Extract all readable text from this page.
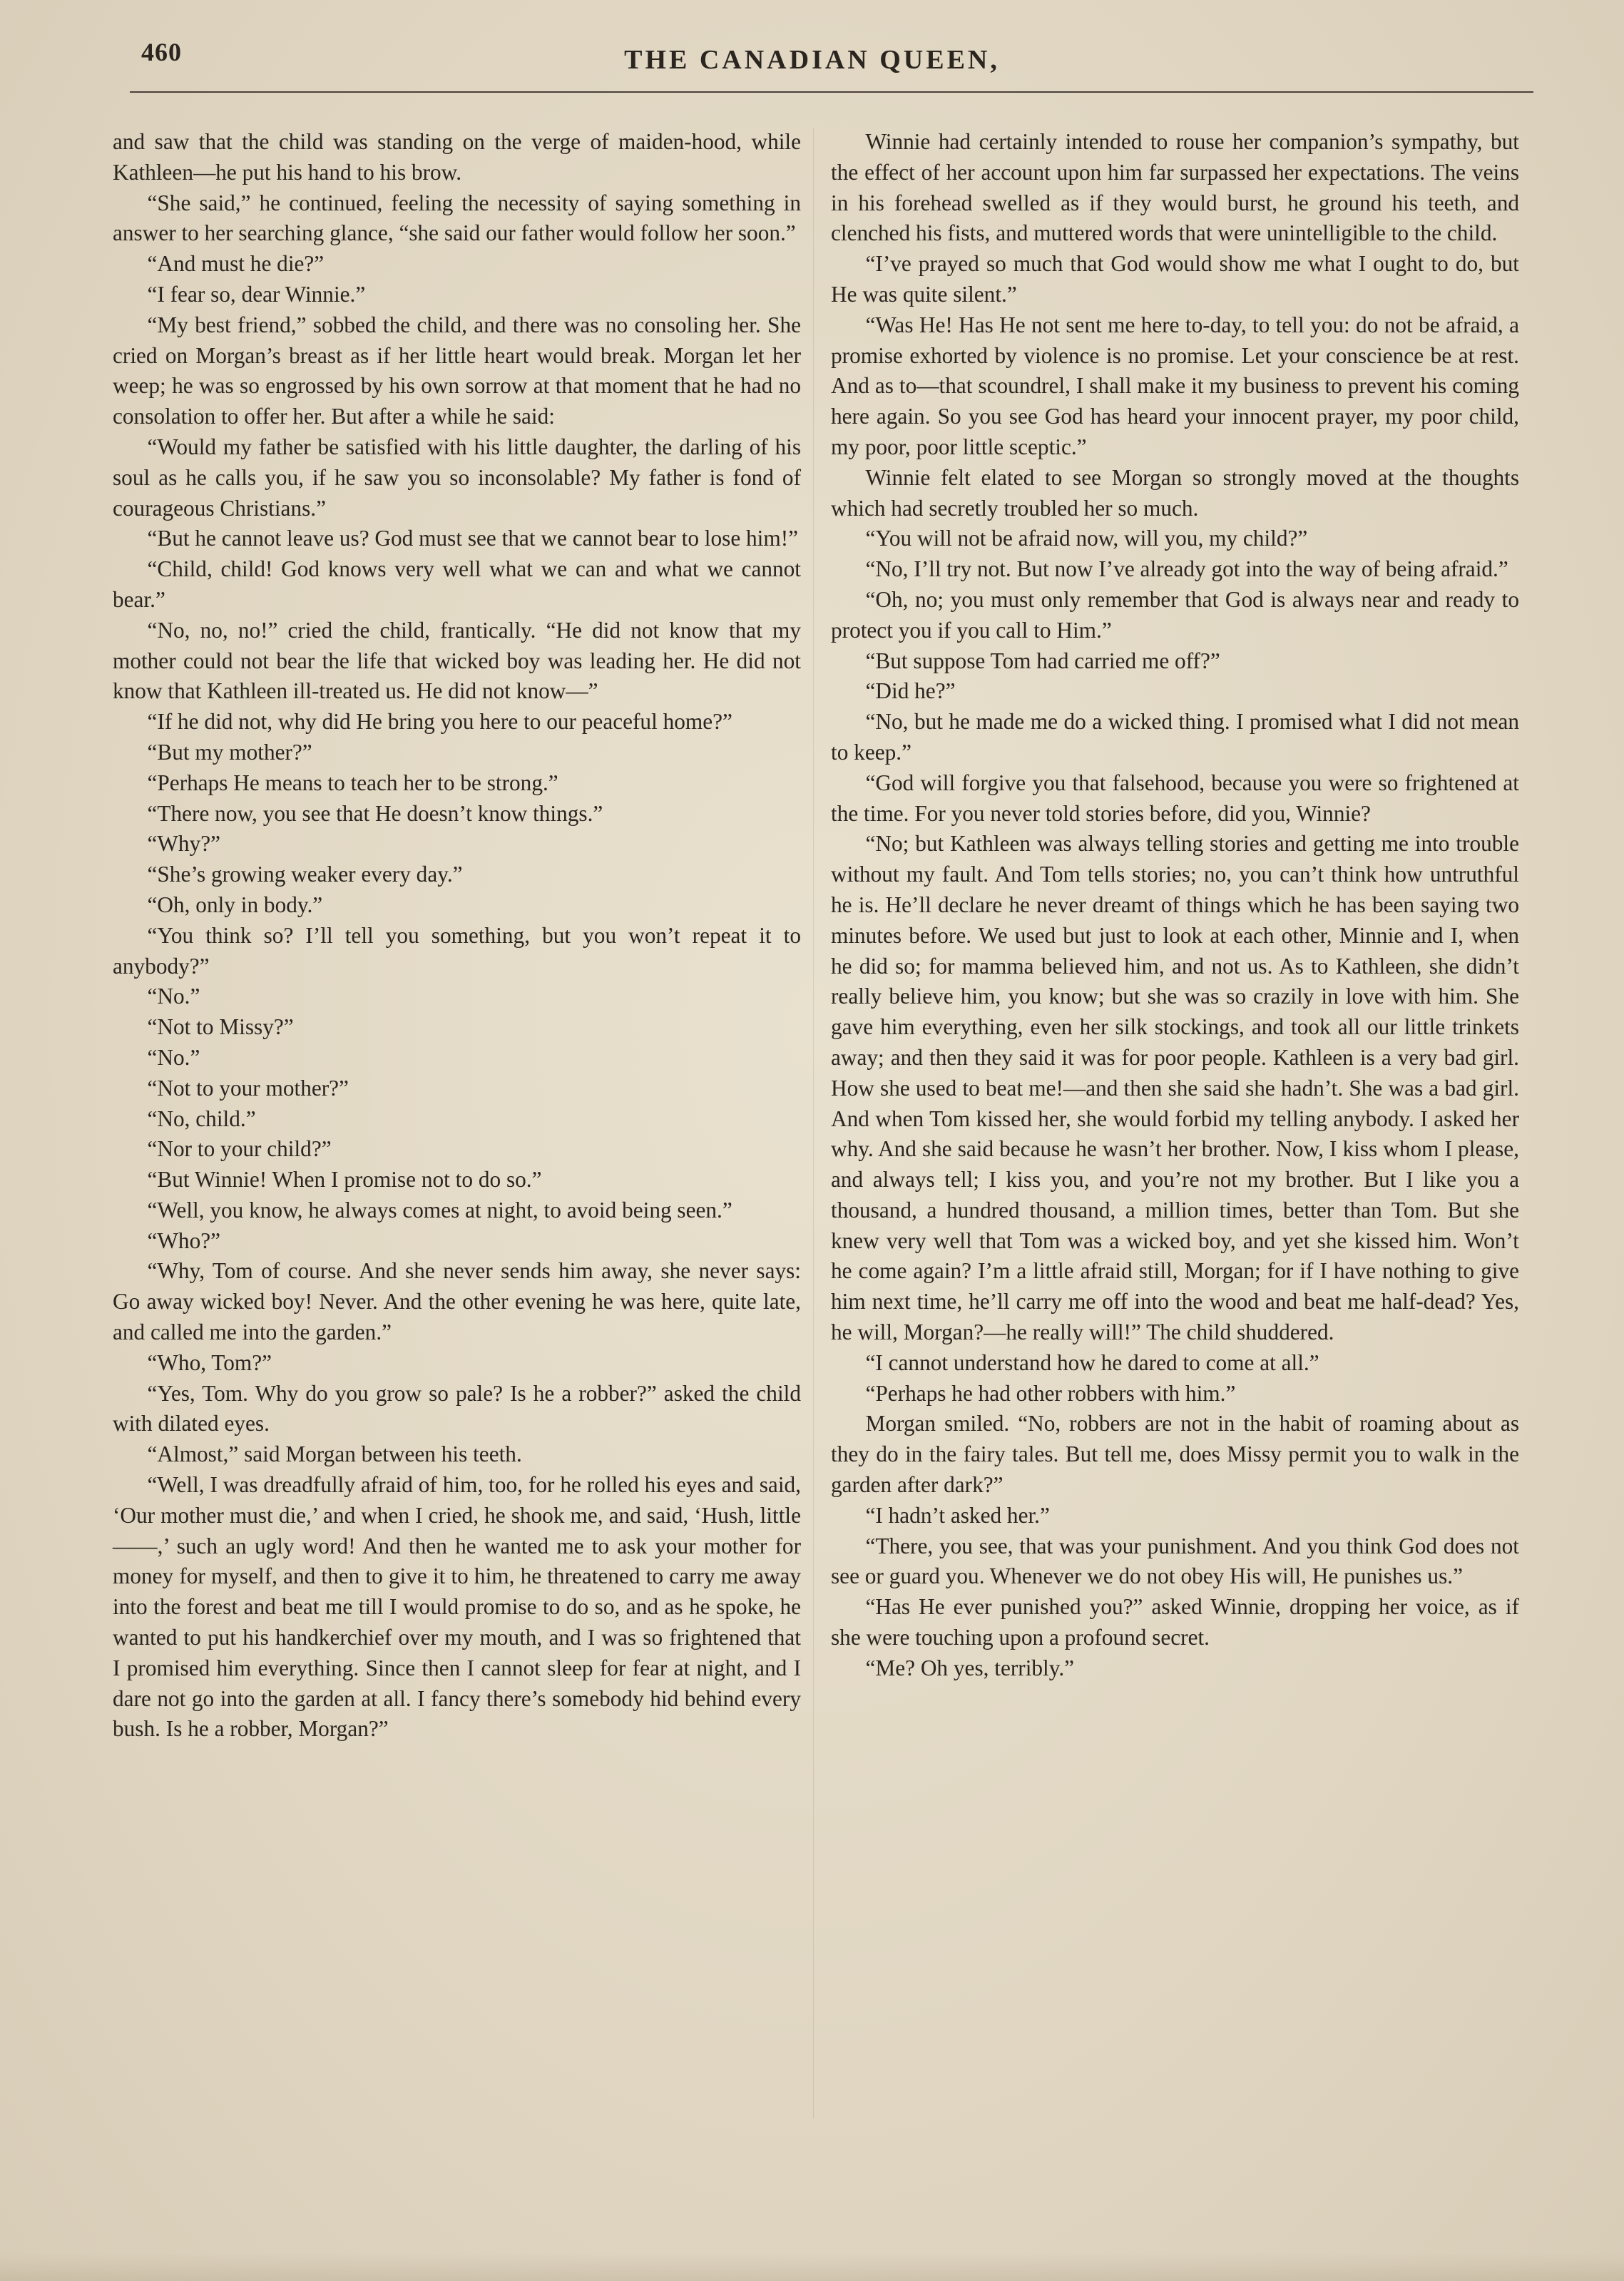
460	THE CANADIAN QUEEN,

and saw that the child was standing on the verge of maiden-hood, while Kathleen—he put his hand to his brow.

“She said,” he continued, feeling the necessity of saying something in answer to her searching glance, “she said our father would follow her soon.”

“And must he die?”

“I fear so, dear Winnie.”

“My best friend,” sobbed the child, and there was no consoling her. She cried on Morgan’s breast as if her little heart would break. Morgan let her weep; he was so engrossed by his own sorrow at that moment that he had no consolation to offer her. But after a while he said:

“Would my father be satisfied with his little daughter, the darling of his soul as he calls you, if he saw you so inconsolable? My father is fond of courageous Christians.”

“But he cannot leave us? God must see that we cannot bear to lose him!”

“Child, child! God knows very well what we can and what we cannot bear.”

“No, no, no!” cried the child, frantically. “He did not know that my mother could not bear the life that wicked boy was leading her. He did not know that Kathleen ill-treated us. He did not know—”

“If he did not, why did He bring you here to our peaceful home?”

“But my mother?”

“Perhaps He means to teach her to be strong.”

“There now, you see that He doesn’t know things.”

“Why?”

“She’s growing weaker every day.”

“Oh, only in body.”

“You think so? I’ll tell you something, but you won’t repeat it to anybody?”

“No.”

“Not to Missy?”

“No.”

“Not to your mother?”

“No, child.”

“Nor to your child?”

“But Winnie! When I promise not to do so.”

“Well, you know, he always comes at night, to avoid being seen.”

“Who?”

“Why, Tom of course. And she never sends him away, she never says: Go away wicked boy! Never. And the other evening he was here, quite late, and called me into the garden.”

“Who, Tom?”

“Yes, Tom. Why do you grow so pale? Is he a robber?” asked the child with dilated eyes.

“Almost,” said Morgan between his teeth.

“Well, I was dreadfully afraid of him, too, for he rolled his eyes and said, ‘Our mother must die,’ and when I cried, he shook me, and said, ‘Hush, little ——,’ such an ugly word! And then he wanted me to ask your mother for money for myself, and then to give it to him, he threatened to carry me away into the forest and beat me till I would promise to do so, and as he spoke, he wanted to put his handkerchief over my mouth, and I was so frightened that I promised him everything. Since then I cannot sleep for fear at night, and I dare not go into the garden at all. I fancy there’s somebody hid behind every bush. Is he a robber, Morgan?”

Winnie had certainly intended to rouse her companion’s sympathy, but the effect of her account upon him far surpassed her expectations. The veins in his forehead swelled as if they would burst, he ground his teeth, and clenched his fists, and muttered words that were unintelligible to the child.

“I’ve prayed so much that God would show me what I ought to do, but He was quite silent.”

“Was He! Has He not sent me here to-day, to tell you: do not be afraid, a promise exhorted by violence is no promise. Let your conscience be at rest. And as to—that scoundrel, I shall make it my business to prevent his coming here again. So you see God has heard your innocent prayer, my poor child, my poor, poor little sceptic.”

Winnie felt elated to see Morgan so strongly moved at the thoughts which had secretly troubled her so much.

“You will not be afraid now, will you, my child?”

“No, I’ll try not. But now I’ve already got into the way of being afraid.”

“Oh, no; you must only remember that God is always near and ready to protect you if you call to Him.”

“But suppose Tom had carried me off?”

“Did he?”

“No, but he made me do a wicked thing. I promised what I did not mean to keep.”

“God will forgive you that falsehood, because you were so frightened at the time. For you never told stories before, did you, Winnie?

“No; but Kathleen was always telling stories and getting me into trouble without my fault. And Tom tells stories; no, you can’t think how untruthful he is. He’ll declare he never dreamt of things which he has been saying two minutes before. We used but just to look at each other, Minnie and I, when he did so; for mamma believed him, and not us. As to Kathleen, she didn’t really believe him, you know; but she was so crazily in love with him. She gave him everything, even her silk stockings, and took all our little trinkets away; and then they said it was for poor people. Kathleen is a very bad girl. How she used to beat me!—and then she said she hadn’t. She was a bad girl. And when Tom kissed her, she would forbid my telling anybody. I asked her why. And she said because he wasn’t her brother. Now, I kiss whom I please, and always tell; I kiss you, and you’re not my brother. But I like you a thousand, a hundred thousand, a million times, better than Tom. But she knew very well that Tom was a wicked boy, and yet she kissed him. Won’t he come again? I’m a little afraid still, Morgan; for if I have nothing to give him next time, he’ll carry me off into the wood and beat me half-dead? Yes, he will, Morgan?—he really will!” The child shuddered.

“I cannot understand how he dared to come at all.”

“Perhaps he had other robbers with him.”

Morgan smiled. “No, robbers are not in the habit of roaming about as they do in the fairy tales. But tell me, does Missy permit you to walk in the garden after dark?”

“I hadn’t asked her.”

“There, you see, that was your punishment. And you think God does not see or guard you. Whenever we do not obey His will, He punishes us.”

“Has He ever punished you?” asked Winnie, dropping her voice, as if she were touching upon a profound secret.

“Me? Oh yes, terribly.”
